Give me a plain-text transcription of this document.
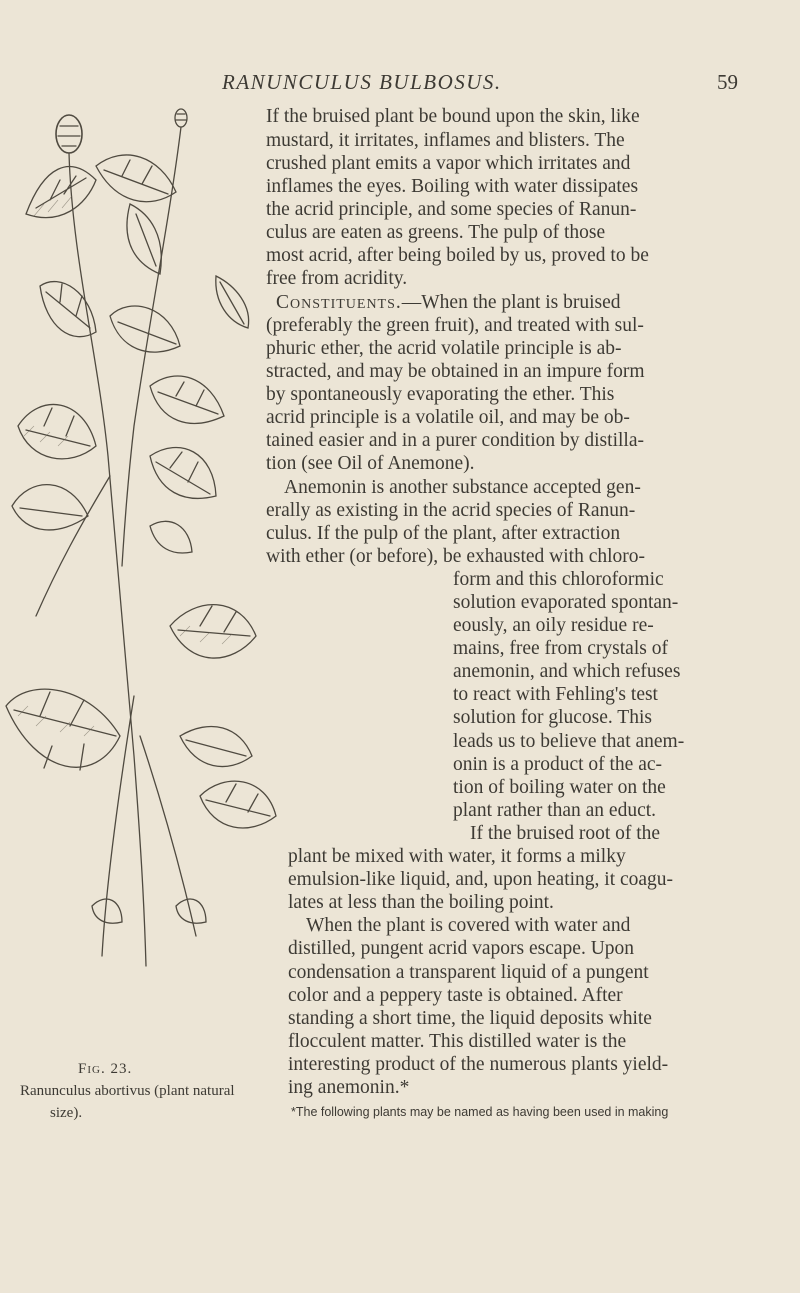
RANUNCULUS BULBOSUS.	59
If the bruised plant be bound upon the skin, like
mustard, it irritates, inflames and blisters. The
crushed plant emits a vapor which irritates and
inflames the eyes. Boiling with water dissipates
the acrid principle, and some species of Ranun-
culus are eaten as greens. The pulp of those
most acrid, after being boiled by us, proved to be
free from acridity.
Constituents.—When the plant is bruised
(preferably the green fruit), and treated with sul-
phuric ether, the acrid volatile principle is ab-
stracted, and may be obtained in an impure form
by spontaneously evaporating the ether. This
acrid principle is a volatile oil, and may be ob-
tained easier and in a purer condition by distilla-
tion (see Oil of Anemone).
Anemonin is another substance accepted gen-
erally as existing in the acrid species of Ranun-
culus. If the pulp of the plant, after extraction
with ether (or before), be exhausted with chloro-
form and this chloroformic
solution evaporated spontan-
eously, an oily residue re-
mains, free from crystals of
anemonin, and which refuses
to react with Fehling's test
solution for glucose. This
leads us to believe that anem-
onin is a product of the ac-
tion of boiling water on the
plant rather than an educt.
If the bruised root of the
plant be mixed with water, it forms a milky
emulsion-like liquid, and, upon heating, it coagu-
lates at less than the boiling point.
When the plant is covered with water and
distilled, pungent acrid vapors escape. Upon
condensation a transparent liquid of a pungent
color and a peppery taste is obtained. After
standing a short time, the liquid deposits white
flocculent matter. This distilled water is the
interesting product of the numerous plants yield-
ing anemonin.*
Fig. 23.
Ranunculus abortivus (plant natural
size).	*The following plants may be named as having been used in making
